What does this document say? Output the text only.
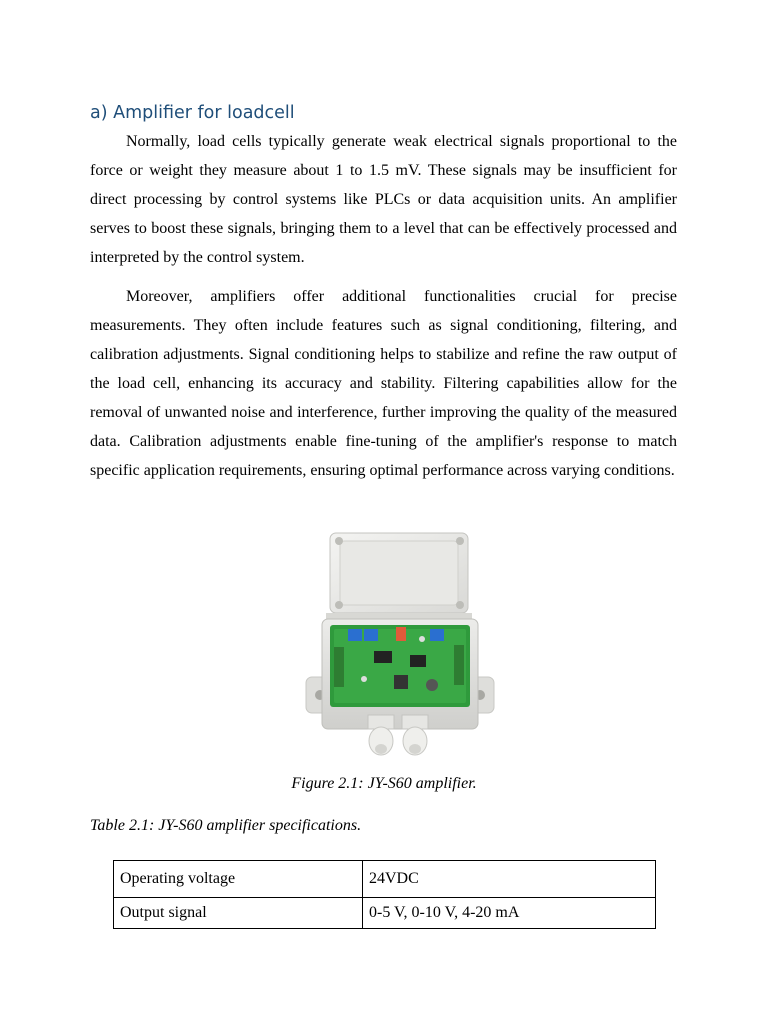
a) Amplifier for loadcell

Normally, load cells typically generate weak electrical signals proportional to the force or weight they measure about 1 to 1.5 mV. These signals may be insufficient for direct processing by control systems like PLCs or data acquisition units. An amplifier serves to boost these signals, bringing them to a level that can be effectively processed and interpreted by the control system.

Moreover, amplifiers offer additional functionalities crucial for precise measurements. They often include features such as signal conditioning, filtering, and calibration adjustments. Signal conditioning helps to stabilize and refine the raw output of the load cell, enhancing its accuracy and stability. Filtering capabilities allow for the removal of unwanted noise and interference, further improving the quality of the measured data. Calibration adjustments enable fine-tuning of the amplifier's response to match specific application requirements, ensuring optimal performance across varying conditions.

Figure 2.1: JY-S60 amplifier.

Table 2.1: JY-S60 amplifier specifications.

Operating voltage	24VDC
Output signal	0-5 V, 0-10 V, 4-20 mA
